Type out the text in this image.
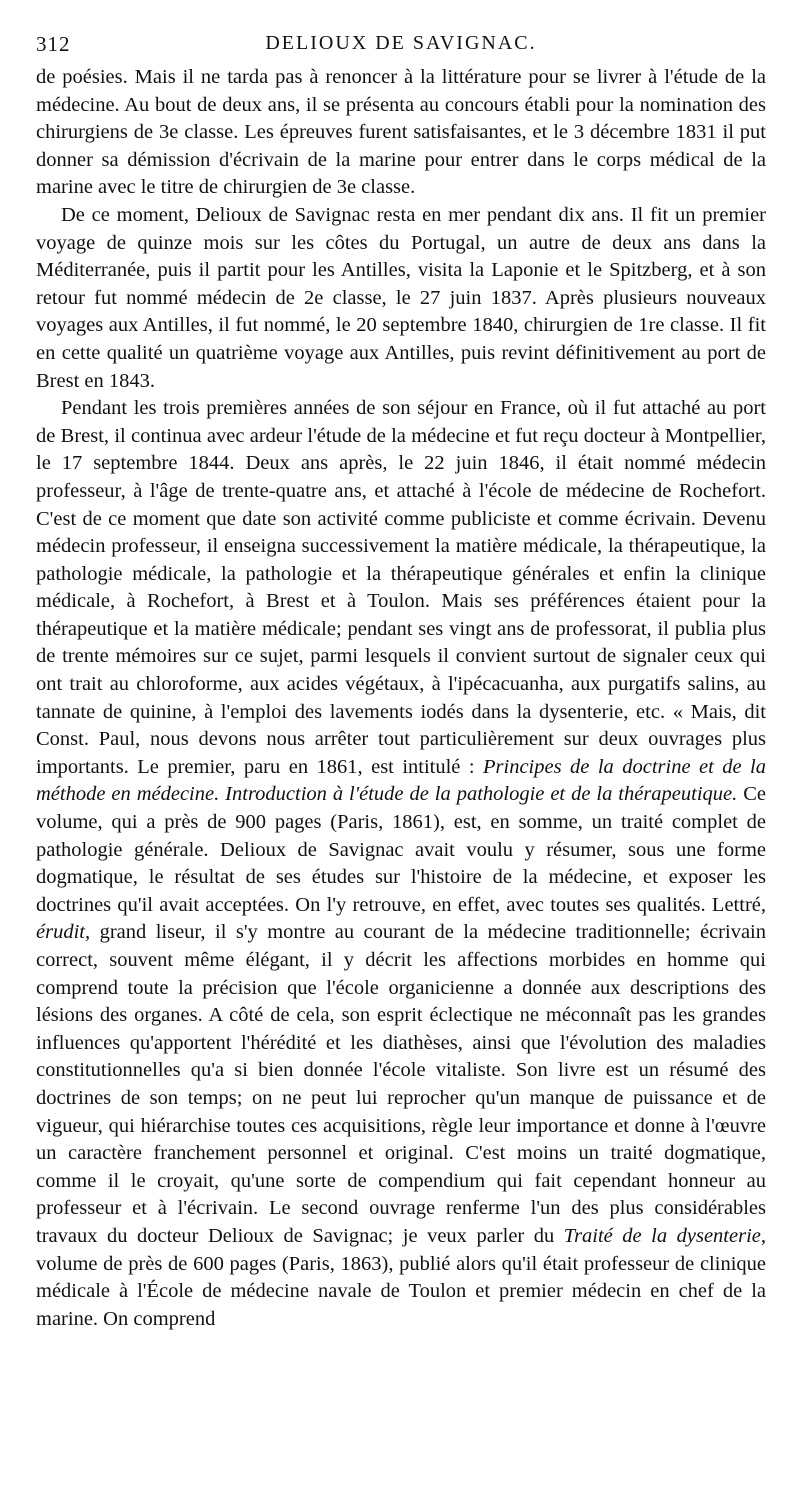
312	DELIOUX DE SAVIGNAC.

de poésies. Mais il ne tarda pas à renoncer à la littérature pour se livrer à l'étude de la médecine. Au bout de deux ans, il se présenta au concours établi pour la nomination des chirurgiens de 3e classe. Les épreuves furent satisfaisantes, et le 3 décembre 1831 il put donner sa démission d'écrivain de la marine pour entrer dans le corps médical de la marine avec le titre de chirurgien de 3e classe.

De ce moment, Delioux de Savignac resta en mer pendant dix ans. Il fit un premier voyage de quinze mois sur les côtes du Portugal, un autre de deux ans dans la Méditerranée, puis il partit pour les Antilles, visita la Laponie et le Spitzberg, et à son retour fut nommé médecin de 2e classe, le 27 juin 1837. Après plusieurs nouveaux voyages aux Antilles, il fut nommé, le 20 septembre 1840, chirurgien de 1re classe. Il fit en cette qualité un quatrième voyage aux Antilles, puis revint définitivement au port de Brest en 1843.

Pendant les trois premières années de son séjour en France, où il fut attaché au port de Brest, il continua avec ardeur l'étude de la médecine et fut reçu docteur à Montpellier, le 17 septembre 1844. Deux ans après, le 22 juin 1846, il était nommé médecin professeur, à l'âge de trente-quatre ans, et attaché à l'école de médecine de Rochefort. C'est de ce moment que date son activité comme publiciste et comme écrivain. Devenu médecin professeur, il enseigna successivement la matière médicale, la thérapeutique, la pathologie médicale, la pathologie et la thérapeutique générales et enfin la clinique médicale, à Rochefort, à Brest et à Toulon. Mais ses préférences étaient pour la thérapeutique et la matière médicale; pendant ses vingt ans de professorat, il publia plus de trente mémoires sur ce sujet, parmi lesquels il convient surtout de signaler ceux qui ont trait au chloroforme, aux acides végétaux, à l'ipécacuanha, aux purgatifs salins, au tannate de quinine, à l'emploi des lavements iodés dans la dysenterie, etc. « Mais, dit Const. Paul, nous devons nous arrêter tout particulièrement sur deux ouvrages plus importants. Le premier, paru en 1861, est intitulé : Principes de la doctrine et de la méthode en médecine. Introduction à l'étude de la pathologie et de la thérapeutique. Ce volume, qui a près de 900 pages (Paris, 1861), est, en somme, un traité complet de pathologie générale. Delioux de Savignac avait voulu y résumer, sous une forme dogmatique, le résultat de ses études sur l'histoire de la médecine, et exposer les doctrines qu'il avait acceptées. On l'y retrouve, en effet, avec toutes ses qualités. Lettré, érudit, grand liseur, il s'y montre au courant de la médecine traditionnelle; écrivain correct, souvent même élégant, il y décrit les affections morbides en homme qui comprend toute la précision que l'école organicienne a donnée aux descriptions des lésions des organes. A côté de cela, son esprit éclectique ne méconnaît pas les grandes influences qu'apportent l'hérédité et les diathèses, ainsi que l'évolution des maladies constitutionnelles qu'a si bien donnée l'école vitaliste. Son livre est un résumé des doctrines de son temps; on ne peut lui reprocher qu'un manque de puissance et de vigueur, qui hiérarchise toutes ces acquisitions, règle leur importance et donne à l'œuvre un caractère franchement personnel et original. C'est moins un traité dogmatique, comme il le croyait, qu'une sorte de compendium qui fait cependant honneur au professeur et à l'écrivain. Le second ouvrage renferme l'un des plus considérables travaux du docteur Delioux de Savignac; je veux parler du Traité de la dysenterie, volume de près de 600 pages (Paris, 1863), publié alors qu'il était professeur de clinique médicale à l'École de médecine navale de Toulon et premier médecin en chef de la marine. On comprend
